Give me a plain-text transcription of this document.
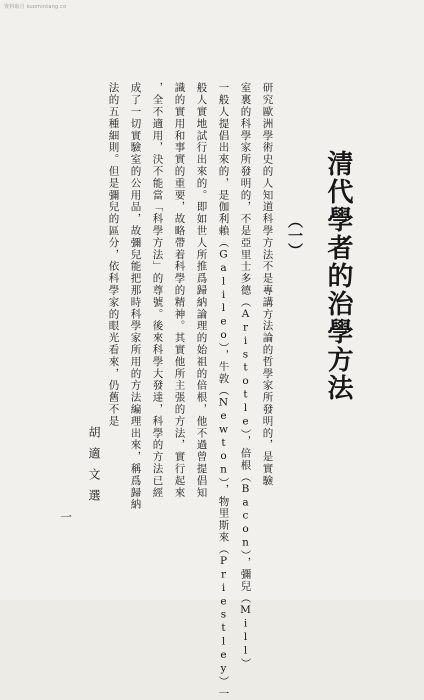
資料取自 kuomintang.co
清代學者的治學方法
（一）
研究歐洲學術史的人知道科學方法不是專講方法論的哲學家所發明的，是實驗
室裏的科學家所發明的，不是亞里士多德（Aristotle），倍根（Bacon），彌兒（Mill）
一般人提倡出來的，是伽利賴（Galileo），牛敦（Newton），物里斯來（Priestley）一
般人實地試行出來的。即如世人所推爲歸納論理的始祖的倍根，他不過曾提倡知
識的實用和事實的重要，故略帶着科學的精神。其實他所主張的方法，實行起來
，全不適用，決不能當「科學方法」的尊號。後來科學大發達，科學的方法已經
成了一切實驗室的公用品，故彌兒能把那時科學家所用的方法編理出來，稱爲歸納
法的五種細則。但是彌兒的區分，依科學家的眼光看來，仍舊不是
胡適文選
一
